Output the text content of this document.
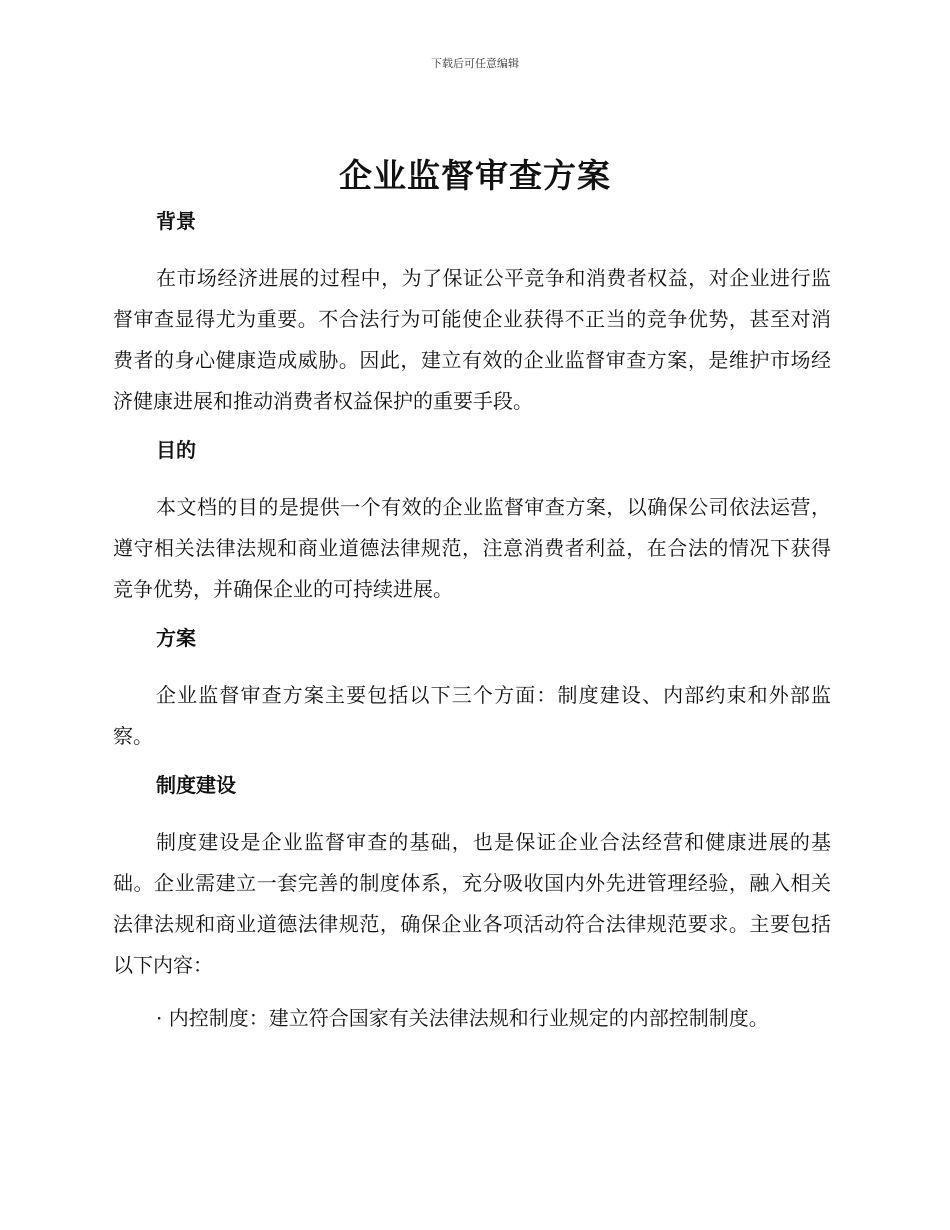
下载后可任意编辑
企业监督审查方案

背景

在市场经济进展的过程中，为了保证公平竞争和消费者权益，对企业进行监督审查显得尤为重要。不合法行为可能使企业获得不正当的竞争优势，甚至对消费者的身心健康造成威胁。因此，建立有效的企业监督审查方案，是维护市场经济健康进展和推动消费者权益保护的重要手段。

目的

本文档的目的是提供一个有效的企业监督审查方案，以确保公司依法运营，遵守相关法律法规和商业道德法律规范，注意消费者利益，在合法的情况下获得竞争优势，并确保企业的可持续进展。

方案

企业监督审查方案主要包括以下三个方面：制度建设、内部约束和外部监察。

制度建设

制度建设是企业监督审查的基础，也是保证企业合法经营和健康进展的基础。企业需建立一套完善的制度体系，充分吸收国内外先进管理经验，融入相关法律法规和商业道德法律规范，确保企业各项活动符合法律规范要求。主要包括以下内容：

· 内控制度：建立符合国家有关法律法规和行业规定的内部控制制度。
